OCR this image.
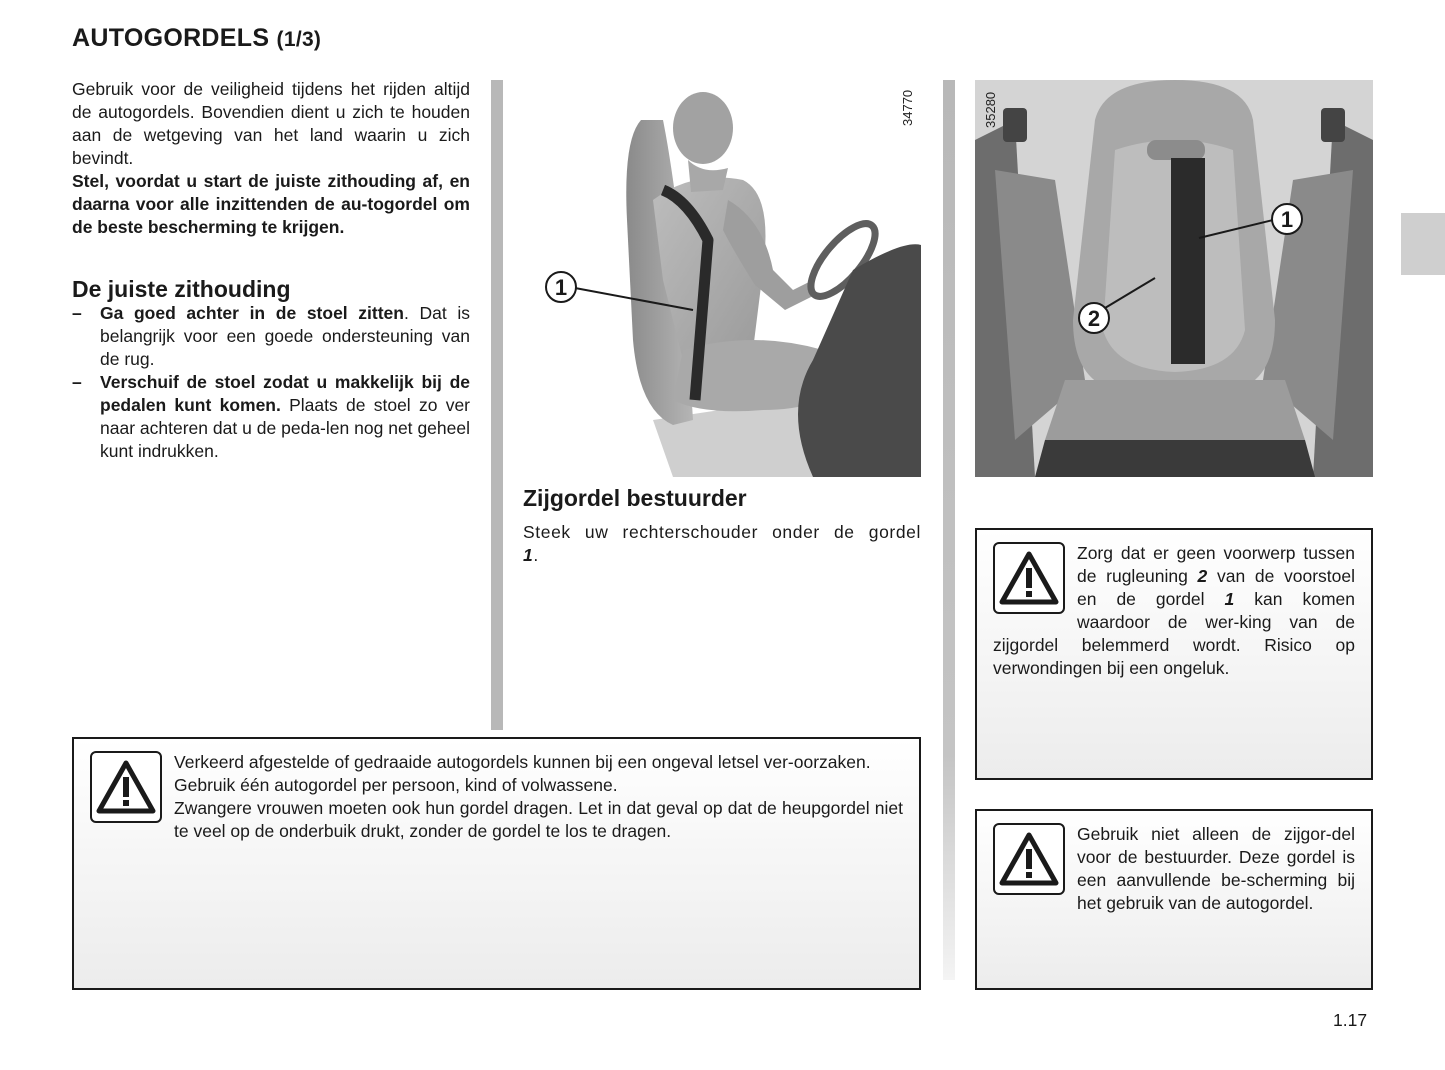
AUTOGORDELS (1/3)

Gebruik voor de veiligheid tijdens het rijden altijd de autogordels. Bovendien dient u zich te houden aan de wetgeving van het land waarin u zich bevindt.

Stel, voordat u start de juiste zithouding af, en daarna voor alle inzittenden de au-togordel om de beste bescherming te krijgen.

De juiste zithouding
– Ga goed achter in de stoel zitten. Dat is belangrijk voor een goede ondersteuning van de rug.
– Verschuif de stoel zodat u makkelijk bij de pedalen kunt komen. Plaats de stoel zo ver naar achteren dat u de peda-len nog net geheel kunt indrukken.
1
34770
1
2
35280
Zijgordel bestuurder

Steek uw rechterschouder onder de gordel 1.

Verkeerd afgestelde of gedraaide autogordels kunnen bij een ongeval letsel ver-oorzaken.

Gebruik één autogordel per persoon, kind of volwassene.

Zwangere vrouwen moeten ook hun gordel dragen. Let in dat geval op dat de heupgordel niet te veel op de onderbuik drukt, zonder de gordel te los te dragen.

Zorg dat er geen voorwerp tussen de rugleuning 2 van de voorstoel en de gordel 1 kan komen waardoor de wer-king van de zijgordel belemmerd wordt. Risico op verwondingen bij een ongeluk.

Gebruik niet alleen de zijgor-del voor de bestuurder. Deze gordel is een aanvullende be-scherming bij het gebruik van de autogordel.

1.17
